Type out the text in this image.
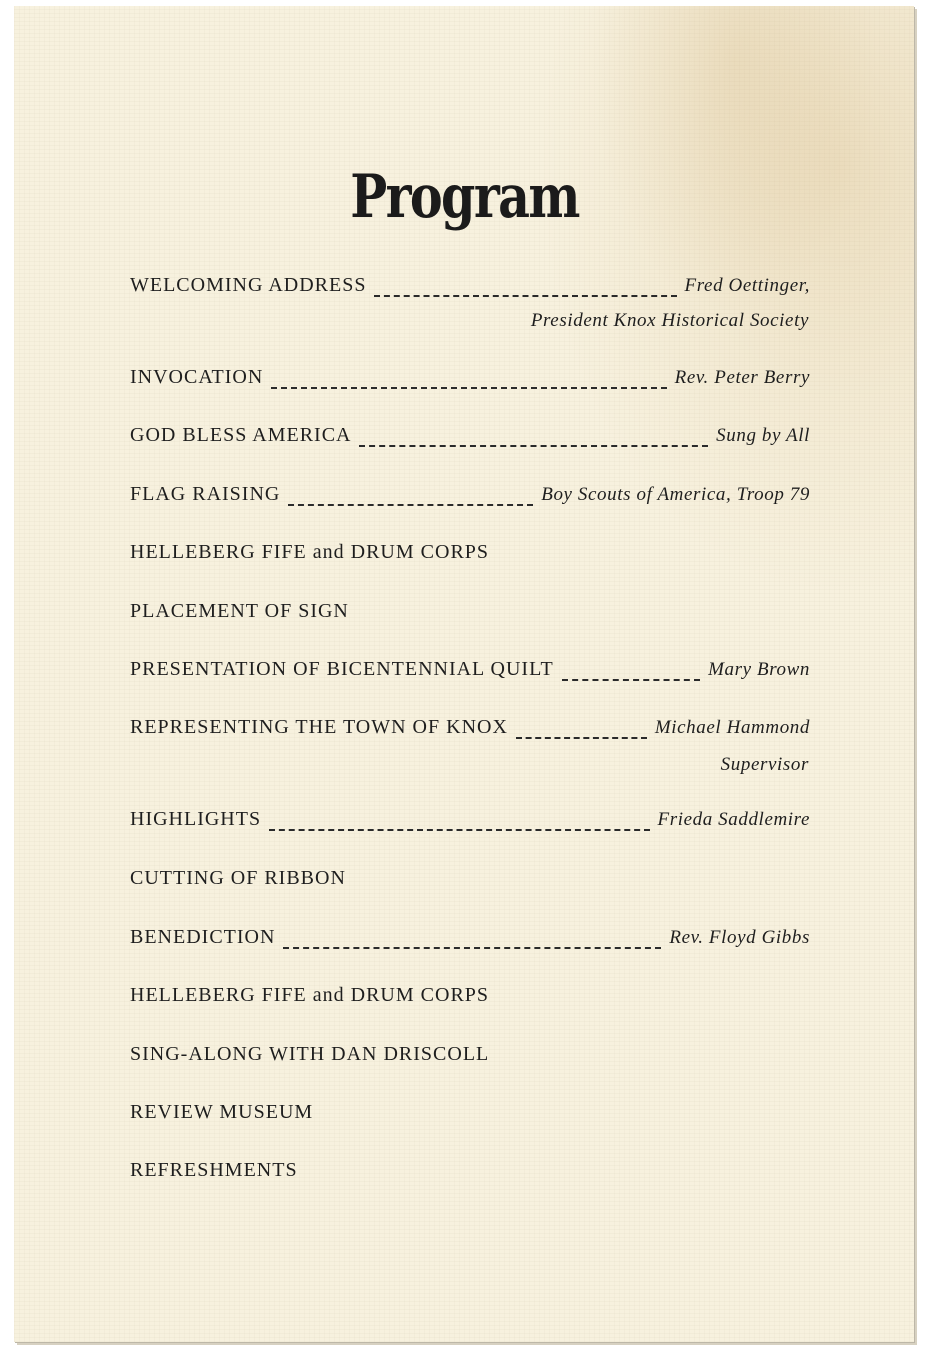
Program
WELCOMING ADDRESS	Fred Oettinger,
President Knox Historical Society
INVOCATION	Rev. Peter Berry
GOD BLESS AMERICA	Sung by All
FLAG RAISING	Boy Scouts of America, Troop 79
HELLEBERG FIFE and DRUM CORPS
PLACEMENT OF SIGN
PRESENTATION OF BICENTENNIAL QUILT	Mary Brown
REPRESENTING THE TOWN OF KNOX	Michael Hammond
Supervisor
HIGHLIGHTS	Frieda Saddlemire
CUTTING OF RIBBON
BENEDICTION	Rev. Floyd Gibbs
HELLEBERG FIFE and DRUM CORPS
SING-ALONG WITH DAN DRISCOLL
REVIEW MUSEUM
REFRESHMENTS
